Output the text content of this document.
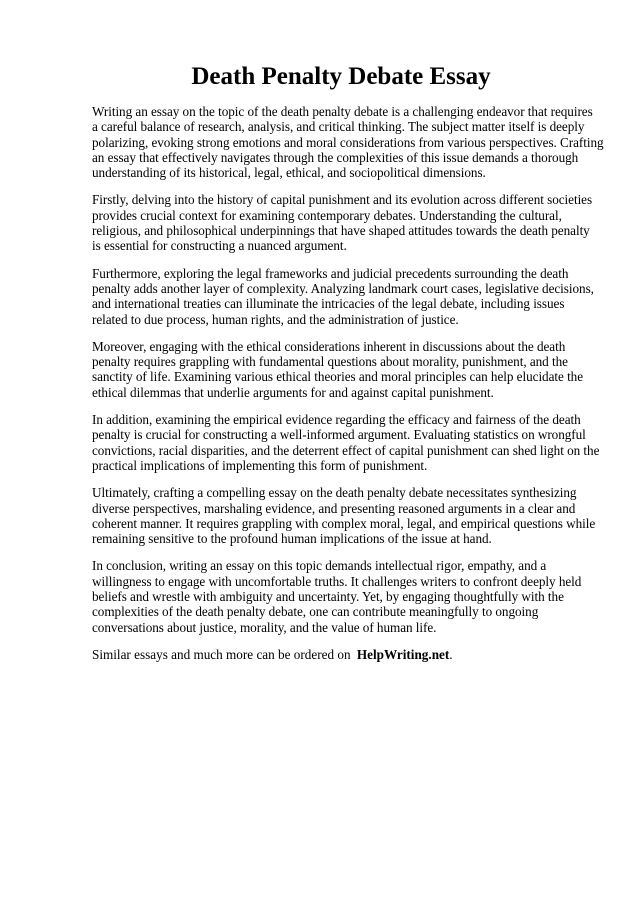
Death Penalty Debate Essay

Writing an essay on the topic of the death penalty debate is a challenging endeavor that requires
a careful balance of research, analysis, and critical thinking. The subject matter itself is deeply
polarizing, evoking strong emotions and moral considerations from various perspectives. Crafting
an essay that effectively navigates through the complexities of this issue demands a thorough
understanding of its historical, legal, ethical, and sociopolitical dimensions.

Firstly, delving into the history of capital punishment and its evolution across different societies
provides crucial context for examining contemporary debates. Understanding the cultural,
religious, and philosophical underpinnings that have shaped attitudes towards the death penalty
is essential for constructing a nuanced argument.

Furthermore, exploring the legal frameworks and judicial precedents surrounding the death
penalty adds another layer of complexity. Analyzing landmark court cases, legislative decisions,
and international treaties can illuminate the intricacies of the legal debate, including issues
related to due process, human rights, and the administration of justice.

Moreover, engaging with the ethical considerations inherent in discussions about the death
penalty requires grappling with fundamental questions about morality, punishment, and the
sanctity of life. Examining various ethical theories and moral principles can help elucidate the
ethical dilemmas that underlie arguments for and against capital punishment.

In addition, examining the empirical evidence regarding the efficacy and fairness of the death
penalty is crucial for constructing a well-informed argument. Evaluating statistics on wrongful
convictions, racial disparities, and the deterrent effect of capital punishment can shed light on the
practical implications of implementing this form of punishment.

Ultimately, crafting a compelling essay on the death penalty debate necessitates synthesizing
diverse perspectives, marshaling evidence, and presenting reasoned arguments in a clear and
coherent manner. It requires grappling with complex moral, legal, and empirical questions while
remaining sensitive to the profound human implications of the issue at hand.

In conclusion, writing an essay on this topic demands intellectual rigor, empathy, and a
willingness to engage with uncomfortable truths. It challenges writers to confront deeply held
beliefs and wrestle with ambiguity and uncertainty. Yet, by engaging thoughtfully with the
complexities of the death penalty debate, one can contribute meaningfully to ongoing
conversations about justice, morality, and the value of human life.

Similar essays and much more can be ordered on HelpWriting.net.
